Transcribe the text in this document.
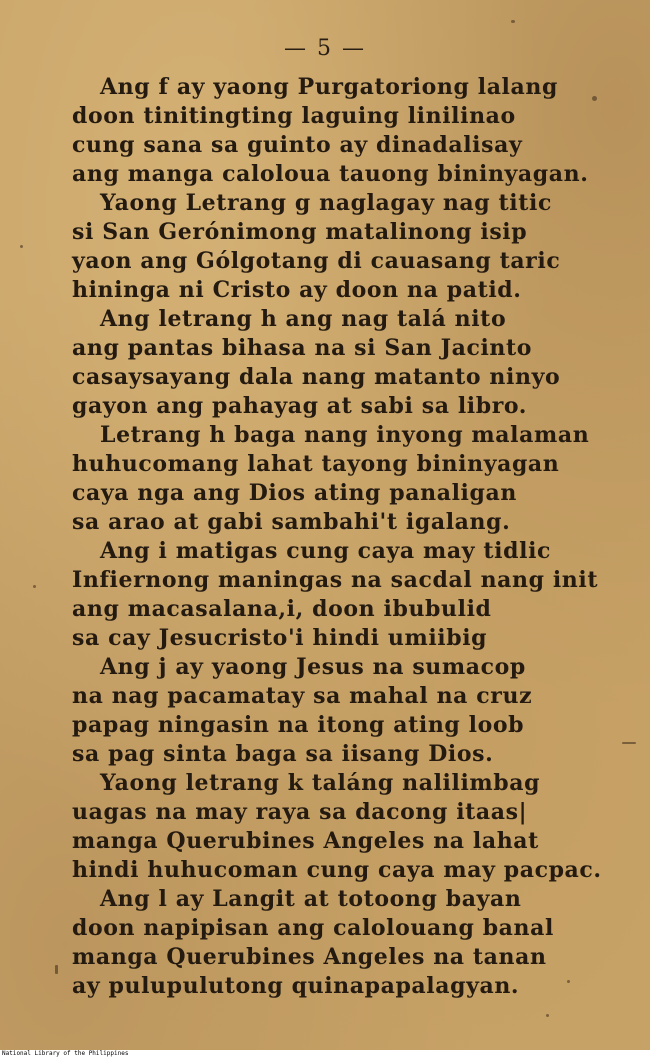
— 5 —
Ang f ay yaong Purgatoriong lalang
doon tinitingting laguing linilinao
cung sana sa guinto ay dinadalisay
ang manga caloloua tauong bininyagan.
Yaong Letrang g naglagay nag titic
si San Gerónimong matalinong isip
yaon ang Gólgotang di cauasang taric
hininga ni Cristo ay doon na patid.
Ang letrang h ang nag talá nito
ang pantas bihasa na si San Jacinto
casaysayang dala nang matanto ninyo
gayon ang pahayag at sabi sa libro.
Letrang h baga nang inyong malaman
huhucomang lahat tayong bininyagan
caya nga ang Dios ating panaligan
sa arao at gabi sambahi't igalang.
Ang i matigas cung caya may tidlic
Infiernong maningas na sacdal nang init
ang macasalana,i, doon ibubulid
sa cay Jesucristo'i hindi umiibig
Ang j ay yaong Jesus na sumacop
na nag pacamatay sa mahal na cruz
papag ningasin na itong ating loob
sa pag sinta baga sa iisang Dios.
Yaong letrang k taláng nalilimbag
uagas na may raya sa dacong itaas|
manga Querubines Angeles na lahat
hindi huhucoman cung caya may pacpac.
Ang l ay Langit at totoong bayan
doon napipisan ang calolouang banal
manga Querubines Angeles na tanan
ay pulupulutong quinapapalagyan.
National Library of the Philippines
